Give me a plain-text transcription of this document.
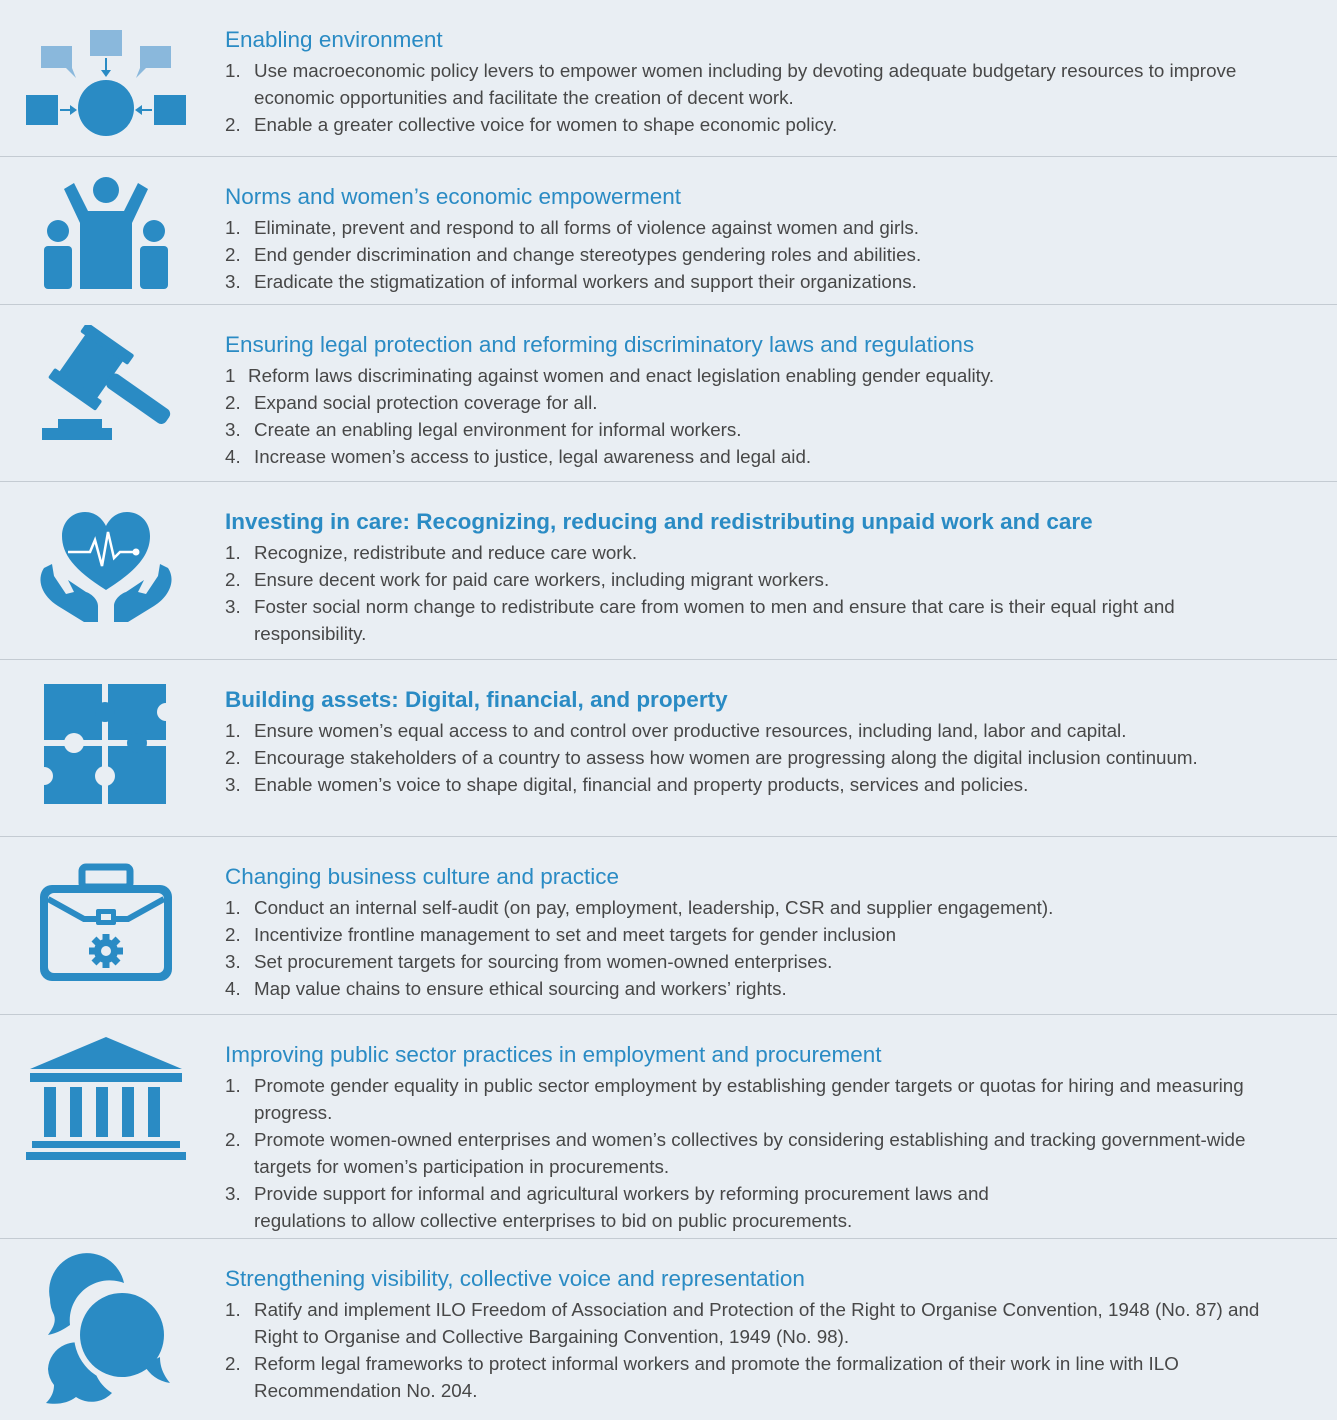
Enabling environment
1. Use macroeconomic policy levers to empower women including by devoting adequate budgetary resources to improve economic opportunities and facilitate the creation of decent work.
2. Enable a greater collective voice for women to shape economic policy.
Norms and women’s economic empowerment
1. Eliminate, prevent and respond to all forms of violence against women and girls.
2. End gender discrimination and change stereotypes gendering roles and abilities.
3. Eradicate the stigmatization of informal workers and support their organizations.
Ensuring legal protection and reforming discriminatory laws and regulations
1 Reform laws discriminating against women and enact legislation enabling gender equality.
2. Expand social protection coverage for all.
3. Create an enabling legal environment for informal workers.
4. Increase women’s access to justice, legal awareness and legal aid.
Investing in care: Recognizing, reducing and redistributing unpaid work and care
1. Recognize, redistribute and reduce care work.
2. Ensure decent work for paid care workers, including migrant workers.
3. Foster social norm change to redistribute care from women to men and ensure that care is their equal right and responsibility.
Building assets: Digital, financial, and property
1. Ensure women’s equal access to and control over productive resources, including land, labor and capital.
2. Encourage stakeholders of a country to assess how women are progressing along the digital inclusion continuum.
3. Enable women’s voice to shape digital, financial and property products, services and policies.
Changing business culture and practice
1. Conduct an internal self-audit (on pay, employment, leadership, CSR and supplier engagement).
2. Incentivize frontline management to set and meet targets for gender inclusion
3. Set procurement targets for sourcing from women-owned enterprises.
4. Map value chains to ensure ethical sourcing and workers’ rights.
Improving public sector practices in employment and procurement
1. Promote gender equality in public sector employment by establishing gender targets or quotas for hiring and measuring progress.
2. Promote women-owned enterprises and women’s collectives by considering establishing and tracking government-wide targets for women’s participation in procurements.
3. Provide support for informal and agricultural workers by reforming procurement laws and regulations to allow collective enterprises to bid on public procurements.
Strengthening visibility, collective voice and representation
1. Ratify and implement ILO Freedom of Association and Protection of the Right to Organise Convention, 1948 (No. 87) and Right to Organise and Collective Bargaining Convention, 1949 (No. 98).
2. Reform legal frameworks to protect informal workers and promote the formalization of their work in line with ILO Recommendation No. 204.
